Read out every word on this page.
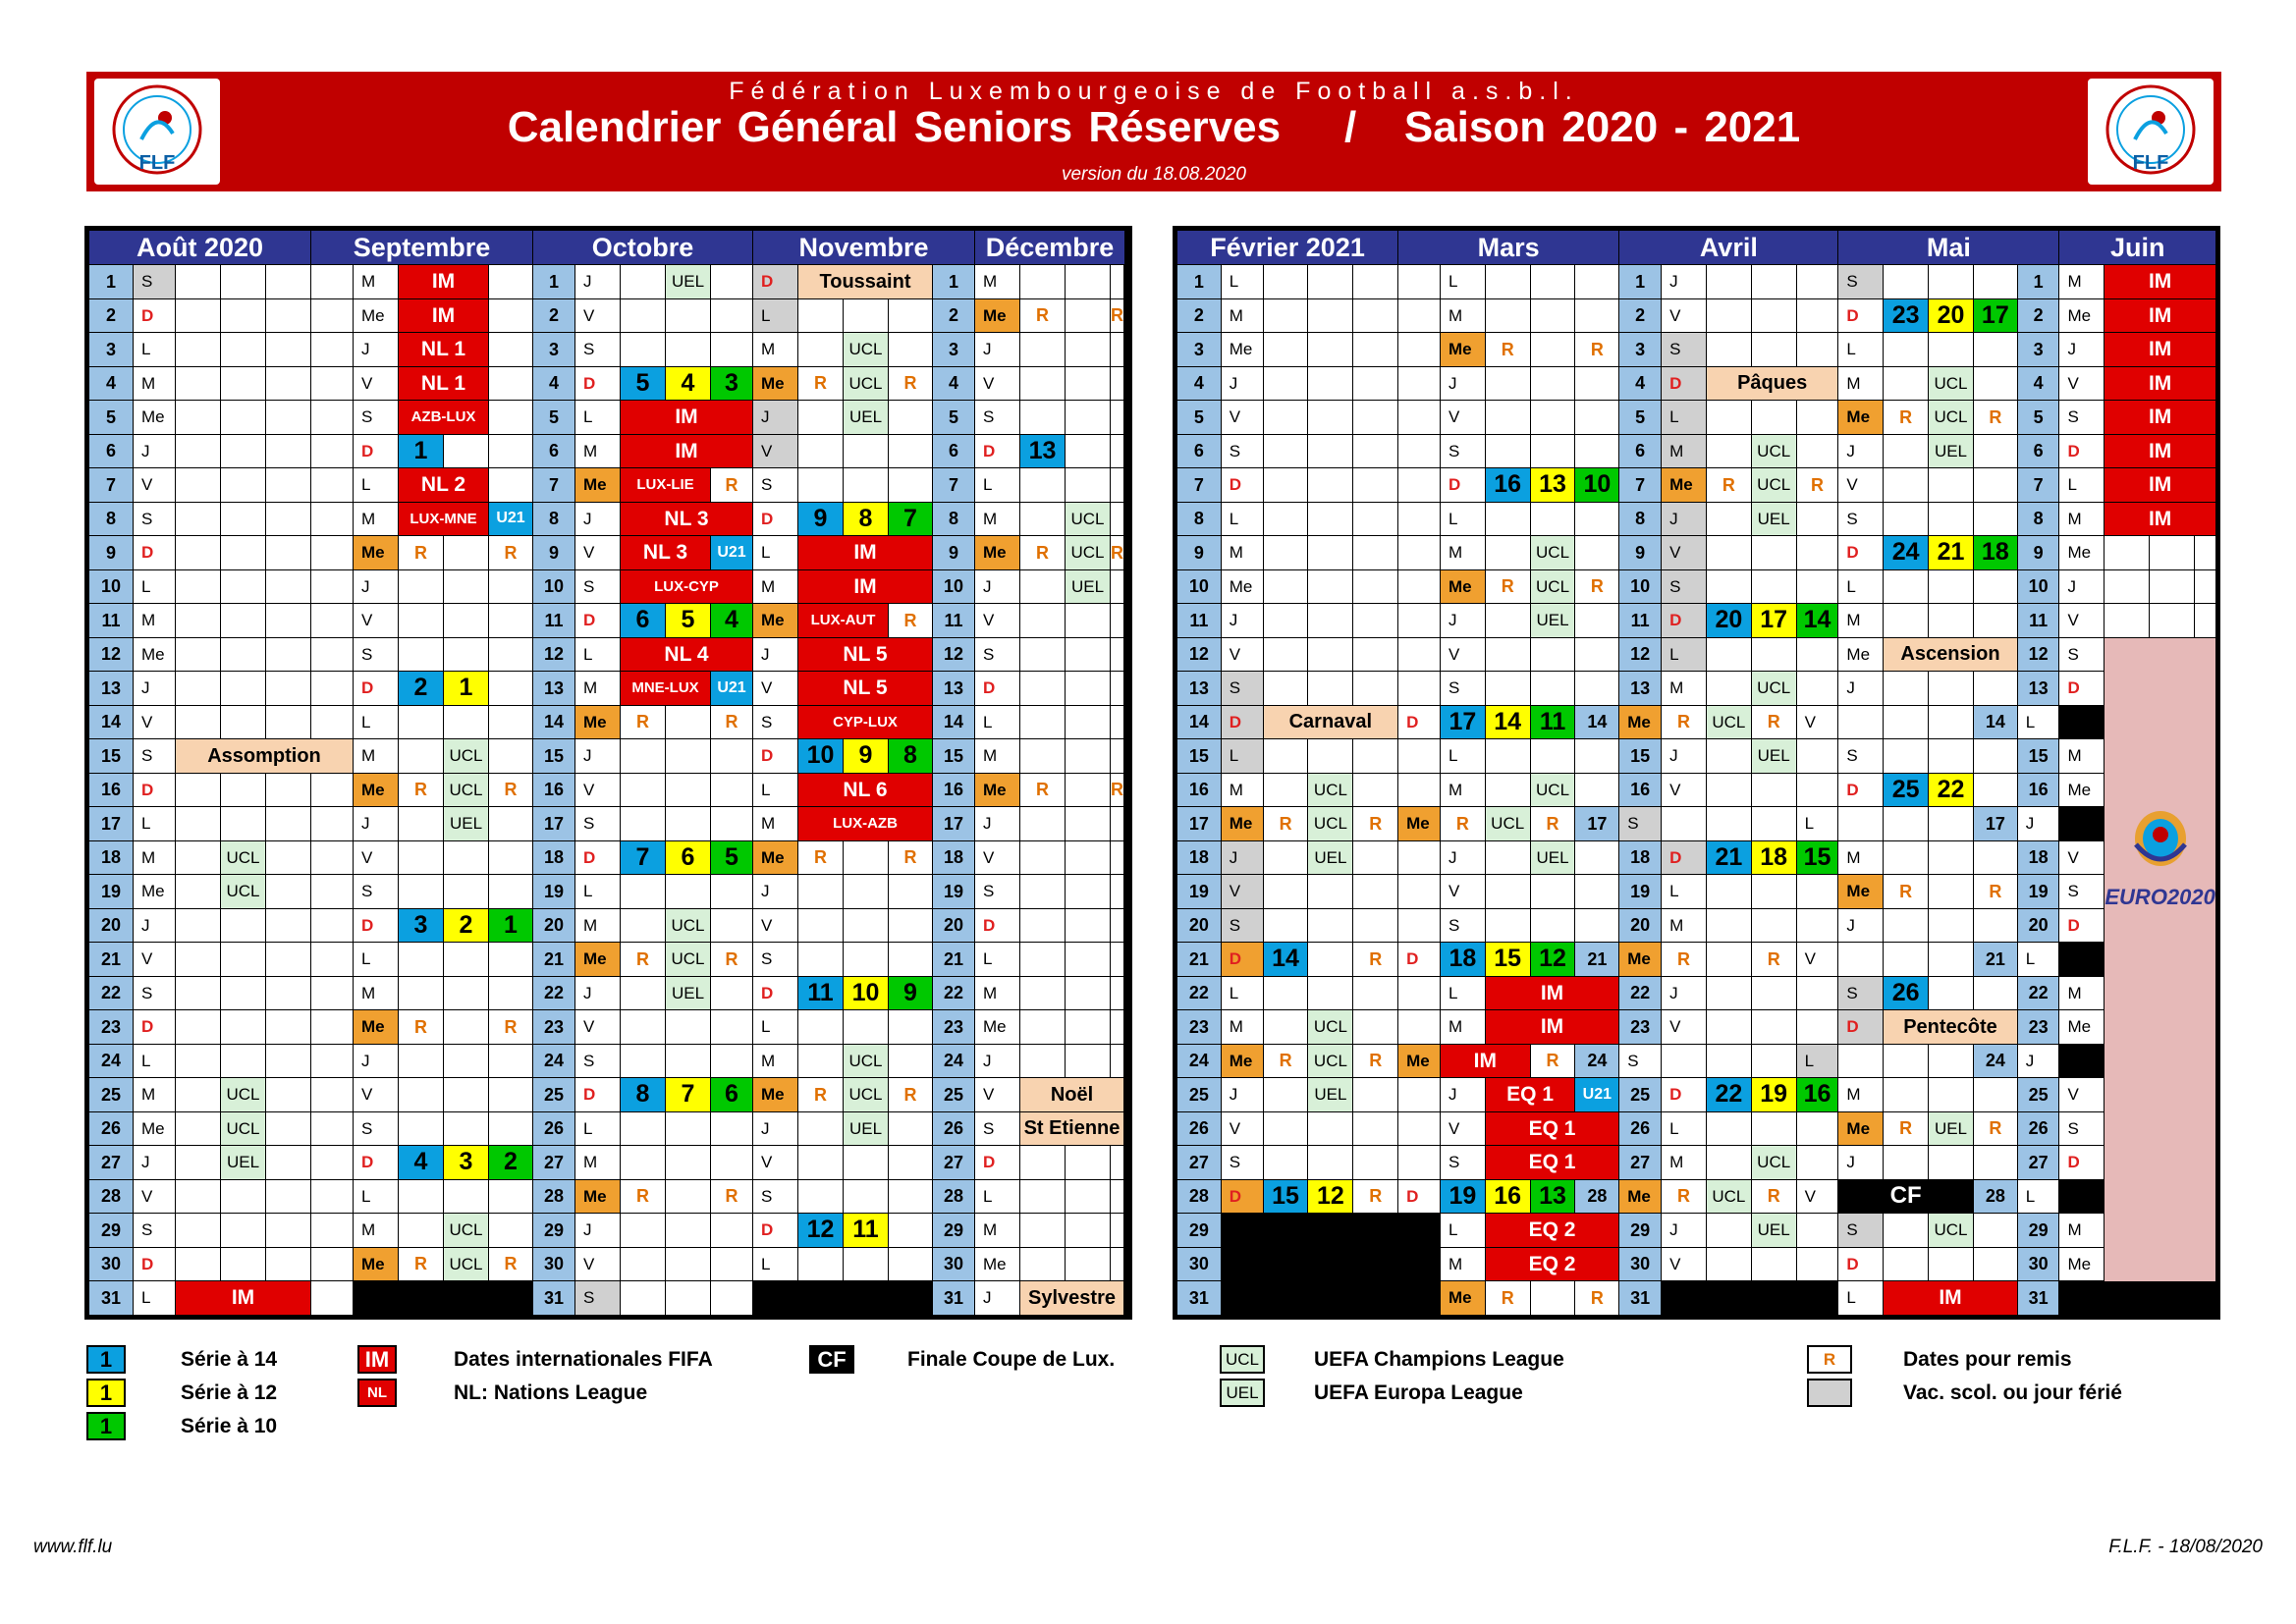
FLF	FLF
Fédération Luxembourgeoise de Football a.s.b.l.
Calendrier Général Seniors Réserves    /   Saison 2020 - 2021
version du 18.08.2020
Août 2020					Septembre					Octobre					Novembre					Décembre				
1	S					M	IM			1	J		UEL		D	Toussaint			1	M				
2	D					Me	IM			2	V				L				2	Me	R		R	
3	L					J	NL 1			3	S				M		UCL		3	J				
4	M					V	NL 1			4	D	5	4	3	Me	R	UCL	R	4	V				
5	Me					S	AZB-LUX			5	L	IM			J		UEL		5	S				
6	J					D	1			6	M	IM			V				6	D	13			
7	V					L	NL 2			7	Me	LUX-LIE		R	S				7	L				
8	S					M	LUX-MNE		U21	8	J	NL 3			D	9	8	7	8	M		UCL		
9	D					Me	R		R	9	V	NL 3		U21	L	IM			9	Me	R	UCL	R	
10	L					J				10	S	LUX-CYP			M	IM			10	J		UEL		
11	M					V				11	D	6	5	4	Me	LUX-AUT		R	11	V				
12	Me					S				12	L	NL 4			J	NL 5			12	S				
13	J					D	2	1		13	M	MNE-LUX		U21	V	NL 5			13	D				
14	V					L				14	Me	R		R	S	CYP-LUX			14	L				
15	S	Assomption				M		UCL		15	J				D	10	9	8	15	M				
16	D					Me	R	UCL	R	16	V				L	NL 6			16	Me	R		R	
17	L					J		UEL		17	S				M	LUX-AZB			17	J				
18	M		UCL			V				18	D	7	6	5	Me	R		R	18	V				
19	Me		UCL			S				19	L				J				19	S				
20	J					D	3	2	1	20	M		UCL		V				20	D				
21	V					L				21	Me	R	UCL	R	S				21	L				
22	S					M				22	J		UEL		D	11	10	9	22	M				
23	D					Me	R		R	23	V				L				23	Me				
24	L					J				24	S				M		UCL		24	J				
25	M		UCL			V				25	D	8	7	6	Me	R	UCL	R	25	V	Noël			
26	Me		UCL			S				26	L				J		UEL		26	S	St Etienne			
27	J		UEL			D	4	3	2	27	M				V				27	D				
28	V					L				28	Me	R		R	S				28	L				
29	S					M		UCL		29	J				D	12	11		29	M				
30	D					Me	R	UCL	R	30	V				L				30	Me				
31	L	IM								31	S								31	J	Sylvestre			
Février 2021					Mars					Avril					Mai					Juin			
1	L					L				1	J				S				1	M	IM		
2	M					M				2	V				D	23	20	17	2	Me	IM		
3	Me					Me	R		R	3	S				L				3	J	IM		
4	J					J				4	D	Pâques			M		UCL		4	V	IM		
5	V					V				5	L				Me	R	UCL	R	5	S	IM		
6	S					S				6	M		UCL		J		UEL		6	D	IM		
7	D					D	16	13	10	7	Me	R	UCL	R	V				7	L	IM		
8	L					L				8	J		UEL		S				8	M	IM		
9	M					M		UCL		9	V				D	24	21	18	9	Me			
10	Me					Me	R	UCL	R	10	S				L				10	J			
11	J					J		UEL		11	D	20	17	14	M				11	V			
12	V					V				12	L				Me	Ascension			12	S	EURO2020		

13	S					S				13	M		UCL		J				13	D			
14	D	Carnaval			D	17	14	11	14	Me	R	UCL	R	V				14	L				
15	L					L				15	J		UEL		S				15	M			
16	M		UCL			M		UCL		16	V				D	25	22		16	Me			
17	Me	R	UCL	R	Me	R	UCL	R	17	S				L				17	J				
18	J		UEL			J		UEL		18	D	21	18	15	M				18	V			
19	V					V				19	L				Me	R		R	19	S			
20	S					S				20	M				J				20	D			
21	D	14		R	D	18	15	12	21	Me	R		R	V				21	L				
22	L					L	IM			22	J				S	26			22	M			
23	M		UCL			M	IM			23	V				D	Pentecôte			23	Me			
24	Me	R	UCL	R	Me	IM		R	24	S				L				24	J				
25	J		UEL			J	EQ 1		U21	25	D	22	19	16	M				25	V			
26	V					V	EQ 1			26	L				Me	R	UEL	R	26	S			
27	S					S	EQ 1			27	M		UCL		J				27	D			
28	D	15	12	R	D	19	16	13	28	Me	R	UCL	R	V	CF			28	L				
29						L	EQ 2			29	J		UEL		S		UCL		29	M			
30						M	EQ 2			30	V				D				30	Me			
31						Me	R		R	31					L	IM			31				
1	Série à 14
1	Série à 12
1	Série à 10
IM	Dates internationales FIFA
NL	NL: Nations League
CF	Finale Coupe de Lux.	UCL	UEFA Champions League
UEL	UEFA Europa League
R	Dates pour remis
Vac. scol. ou jour férié
www.flf.lu	F.L.F. - 18/08/2020
